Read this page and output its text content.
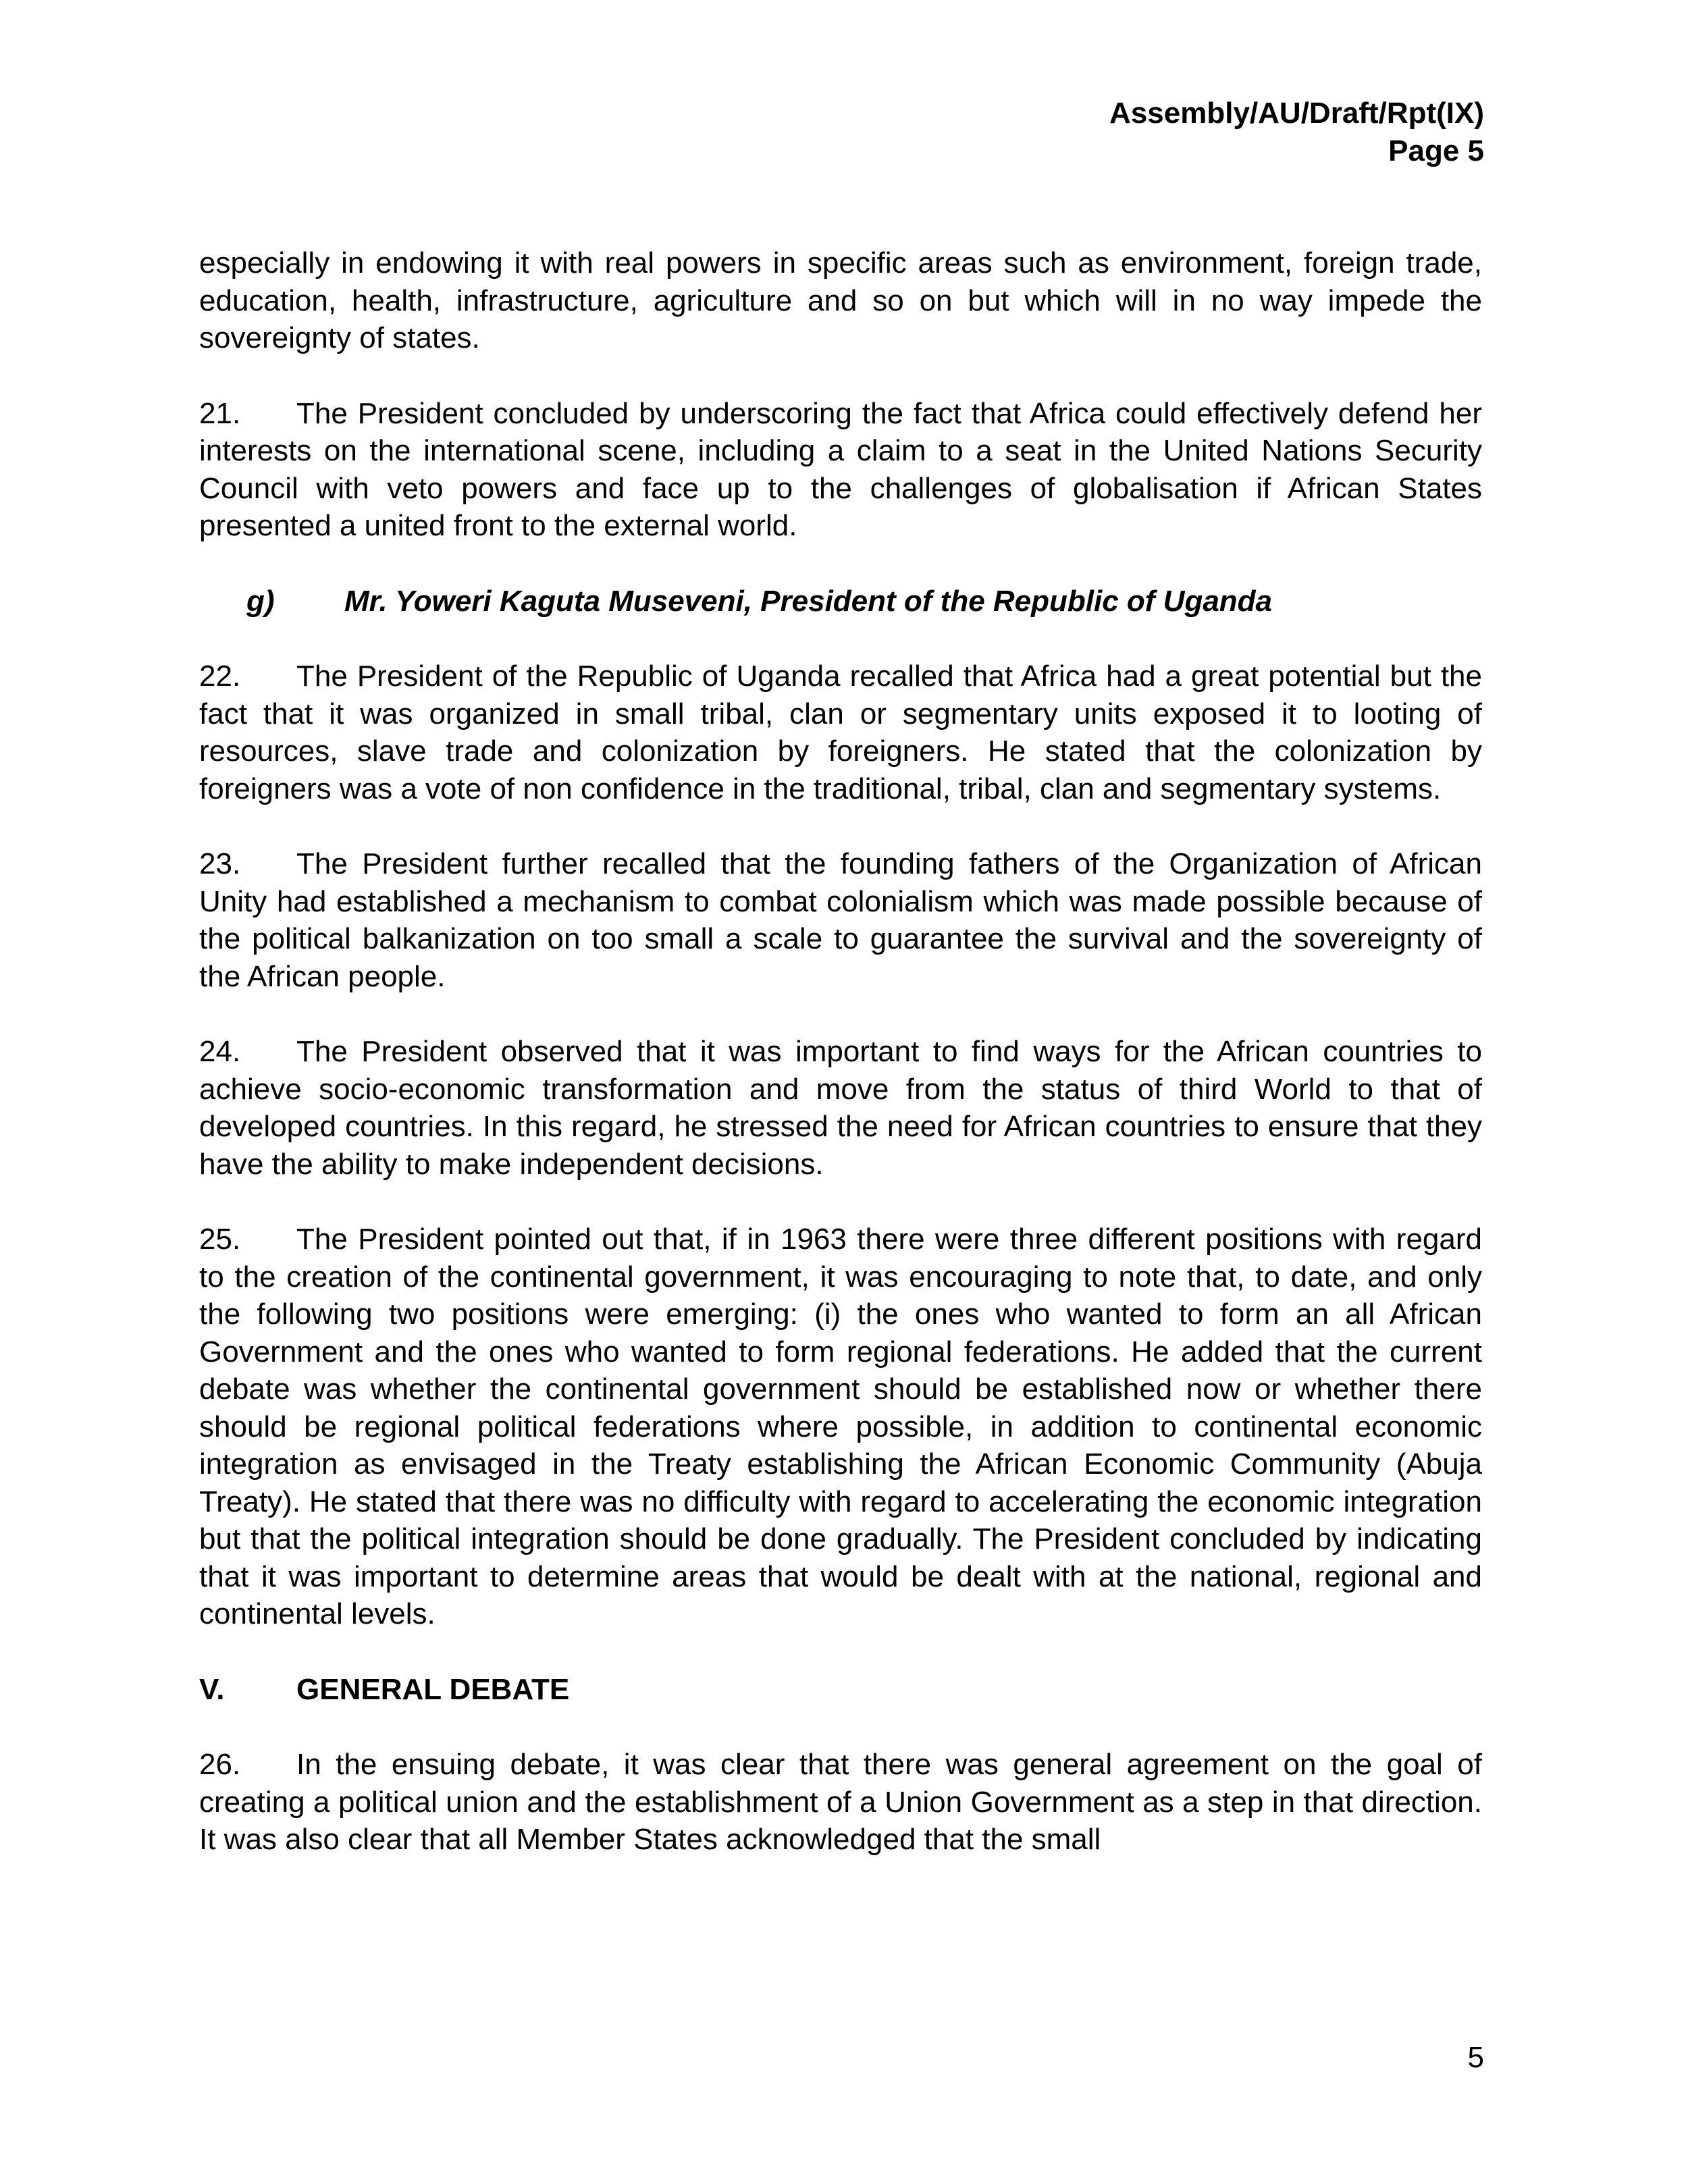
Assembly/AU/Draft/Rpt(IX)
Page 5

especially in endowing it with real powers in specific areas such as environment, foreign trade, education, health, infrastructure, agriculture and so on but which will in no way impede the sovereignty of states.

21. The President concluded by underscoring the fact that Africa could effectively defend her interests on the international scene, including a claim to a seat in the United Nations Security Council with veto powers and face up to the challenges of globalisation if African States presented a united front to the external world.

g) Mr. Yoweri Kaguta Museveni, President of the Republic of Uganda

22. The President of the Republic of Uganda recalled that Africa had a great potential but the fact that it was organized in small tribal, clan or segmentary units exposed it to looting of resources, slave trade and colonization by foreigners. He stated that the colonization by foreigners was a vote of non confidence in the traditional, tribal, clan and segmentary systems.

23. The President further recalled that the founding fathers of the Organization of African Unity had established a mechanism to combat colonialism which was made possible because of the political balkanization on too small a scale to guarantee the survival and the sovereignty of the African people.

24. The President observed that it was important to find ways for the African countries to achieve socio-economic transformation and move from the status of third World to that of developed countries. In this regard, he stressed the need for African countries to ensure that they have the ability to make independent decisions.

25. The President pointed out that, if in 1963 there were three different positions with regard to the creation of the continental government, it was encouraging to note that, to date, and only the following two positions were emerging: (i) the ones who wanted to form an all African Government and the ones who wanted to form regional federations. He added that the current debate was whether the continental government should be established now or whether there should be regional political federations where possible, in addition to continental economic integration as envisaged in the Treaty establishing the African Economic Community (Abuja Treaty). He stated that there was no difficulty with regard to accelerating the economic integration but that the political integration should be done gradually. The President concluded by indicating that it was important to determine areas that would be dealt with at the national, regional and continental levels.

V. GENERAL DEBATE

26. In the ensuing debate, it was clear that there was general agreement on the goal of creating a political union and the establishment of a Union Government as a step in that direction. It was also clear that all Member States acknowledged that the small

5
